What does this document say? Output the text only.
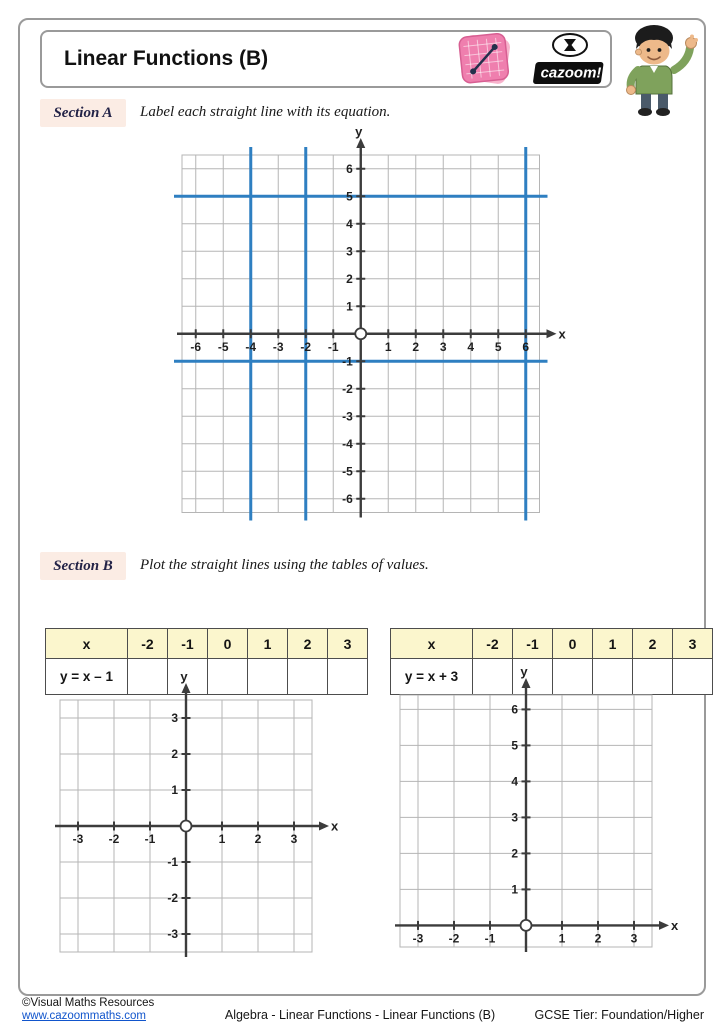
Linear Functions (B)
cazoom!
Section A	Label each straight line with its equation.
x
y
-6 -5 -4 -3 -2 -1	1 2 3 4 5 6
-6
-5
-4
-3
-2
-1
1
2
3
4
5
6
Section B	Plot the straight lines using the tables of values.
x	-2	-1	0	1	2	3
y = x – 1						
x	-2	-1	0	1	2	3
y = x + 3						
x
y
-3 -2 -1	1 2 3
-3
-2
-1
1
2
3
x
y
-3 -2 -1	1 2 3
1
2
3
4
5
6
©Visual Maths Resources
www.cazoommaths.com	Algebra - Linear Functions - Linear Functions (B)	GCSE Tier: Foundation/Higher
